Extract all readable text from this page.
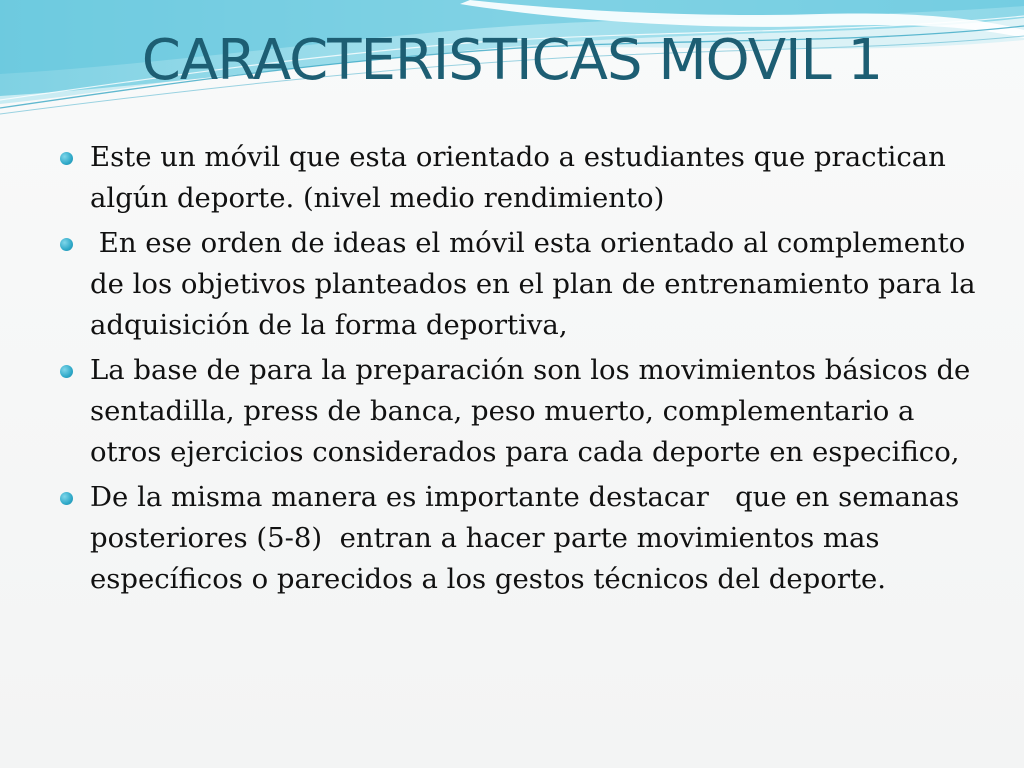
CARACTERISTICAS MOVIL 1
Este un móvil que esta orientado a estudiantes que practican algún deporte. (nivel medio rendimiento)
En ese orden de ideas el móvil esta orientado al complemento de los objetivos planteados en el plan de entrenamiento para la adquisición de la forma deportiva,
La base de para la preparación son los movimientos básicos de sentadilla, press de banca, peso muerto, complementario a otros ejercicios considerados para cada deporte en especifico,
De la misma manera es importante destacar   que en semanas posteriores (5-8)  entran a hacer parte movimientos mas específicos o parecidos a los gestos técnicos del deporte.
